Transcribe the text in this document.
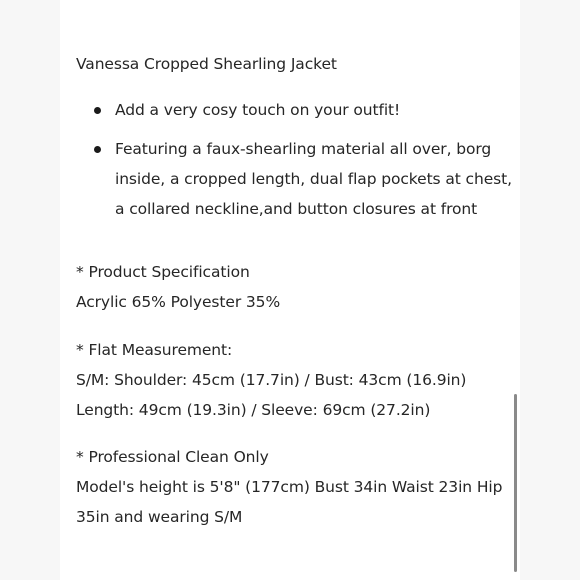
Vanessa Cropped Shearling Jacket
Add a very cosy touch on your outfit!
Featuring a faux-shearling material all over, borg
inside, a cropped length, dual flap pockets at chest,
a collared neckline,and button closures at front
* Product Specification
Acrylic 65% Polyester 35%
* Flat Measurement:
S/M: Shoulder: 45cm (17.7in) / Bust: 43cm (16.9in)
Length: 49cm (19.3in) / Sleeve: 69cm (27.2in)
* Professional Clean Only
Model's height is 5'8" (177cm) Bust 34in Waist 23in Hip
35in and wearing S/M
